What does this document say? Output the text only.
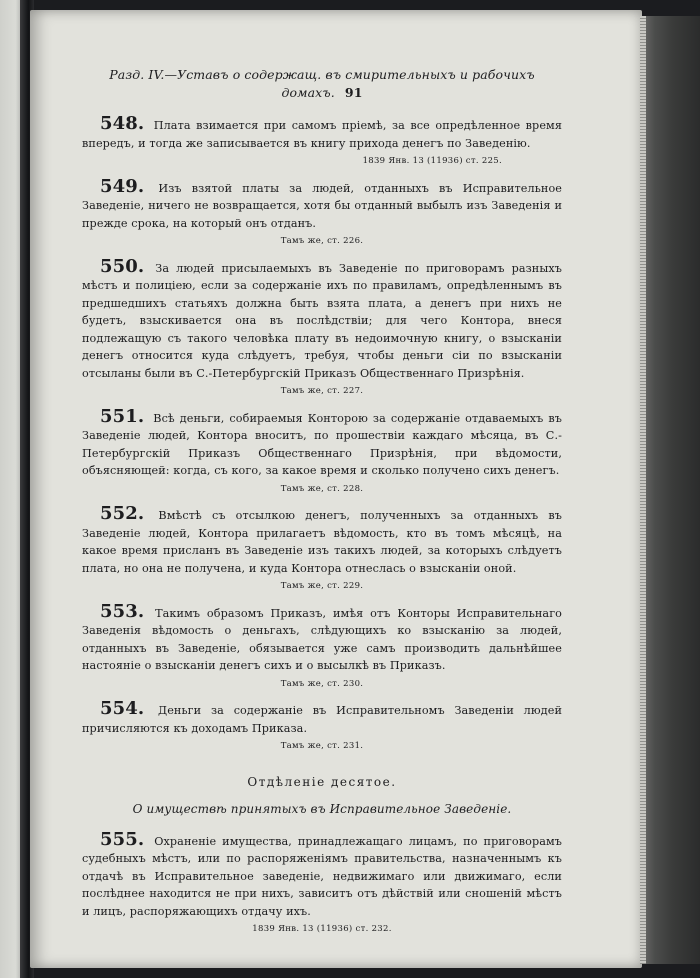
Разд. IV.—Уставъ о содержащ. въ смирительныхъ и рабочихъ домахъ. 91

548. Плата взимается при самомъ пріемѣ, за все опредѣленное время впередъ, и тогда же записывается въ книгу прихода денегъ по Заведенію.

1839 Янв. 13 (11936) ст. 225.

549. Изъ взятой платы за людей, отданныхъ въ Исправительное Заведеніе, ничего не возвращается, хотя бы отданный выбылъ изъ Заведенія и прежде срока, на который онъ отданъ.

Тамъ же, ст. 226.

550. За людей присылаемыхъ въ Заведеніе по приговорамъ разныхъ мѣстъ и полиціею, если за содержаніе ихъ по правиламъ, опредѣленнымъ въ предшедшихъ статьяхъ должна быть взята плата, а денегъ при нихъ не будетъ, взыскивается она въ послѣдствіи; для чего Контора, внеся подлежащую съ такого человѣка плату въ недоимочную книгу, о взысканіи денегъ относится куда слѣдуетъ, требуя, чтобы деньги сіи по взысканіи отсыланы были въ С.-Петербургскій Приказъ Общественнаго Призрѣнія.

Тамъ же, ст. 227.

551. Всѣ деньги, собираемыя Конторою за содержаніе отдаваемыхъ въ Заведеніе людей, Контора вноситъ, по прошествіи каждаго мѣсяца, въ С.-Петербургскій Приказъ Общественнаго Призрѣнія, при вѣдомости, объясняющей: когда, съ кого, за какое время и сколько получено сихъ денегъ.

Тамъ же, ст. 228.

552. Вмѣстѣ съ отсылкою денегъ, полученныхъ за отданныхъ въ Заведеніе людей, Контора прилагаетъ вѣдомость, кто въ томъ мѣсяцѣ, на какое время присланъ въ Заведеніе изъ такихъ людей, за которыхъ слѣдуетъ плата, но она не получена, и куда Контора отнеслась о взысканіи оной.

Тамъ же, ст. 229.

553. Такимъ образомъ Приказъ, имѣя отъ Конторы Исправительнаго Заведенія вѣдомость о деньгахъ, слѣдующихъ ко взысканію за людей, отданныхъ въ Заведеніе, обязывается уже самъ производить дальнѣйшее настояніе о взысканіи денегъ сихъ и о высылкѣ въ Приказъ.

Тамъ же, ст. 230.

554. Деньги за содержаніе въ Исправительномъ Заведеніи людей причисляются къ доходамъ Приказа.

Тамъ же, ст. 231.
Отдѣленіе десятое.
О имуществѣ принятыхъ въ Исправительное Заведеніе.

555. Охраненіе имущества, принадлежащаго лицамъ, по приговорамъ судебныхъ мѣстъ, или по распоряженіямъ правительства, назначеннымъ къ отдачѣ въ Исправительное заведеніе, недвижимаго или движимаго, если послѣднее находится не при нихъ, зависитъ отъ дѣйствій или сношеній мѣстъ и лицъ, распоряжающихъ отдачу ихъ.

1839 Янв. 13 (11936) ст. 232.
